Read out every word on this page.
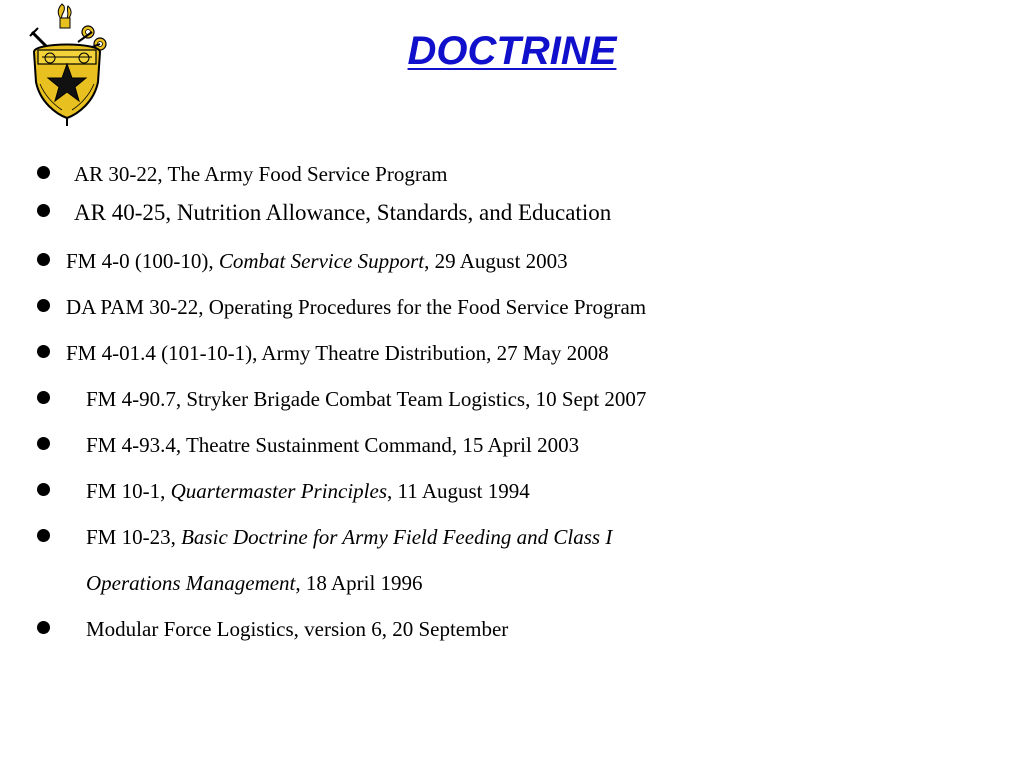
DOCTRINE
AR 30-22, The Army Food Service Program
AR 40-25, Nutrition Allowance, Standards, and Education
FM 4-0 (100-10), Combat Service Support, 29 August 2003
DA PAM 30-22, Operating Procedures for the Food Service Program
FM 4-01.4 (101-10-1), Army Theatre Distribution, 27 May 2008
FM 4-90.7, Stryker Brigade Combat Team Logistics, 10 Sept 2007
FM 4-93.4, Theatre Sustainment Command, 15 April 2003
FM 10-1, Quartermaster Principles, 11 August 1994
FM 10-23, Basic Doctrine for Army Field Feeding and Class I
Operations Management, 18 April 1996
Modular Force Logistics, version 6, 20 September
